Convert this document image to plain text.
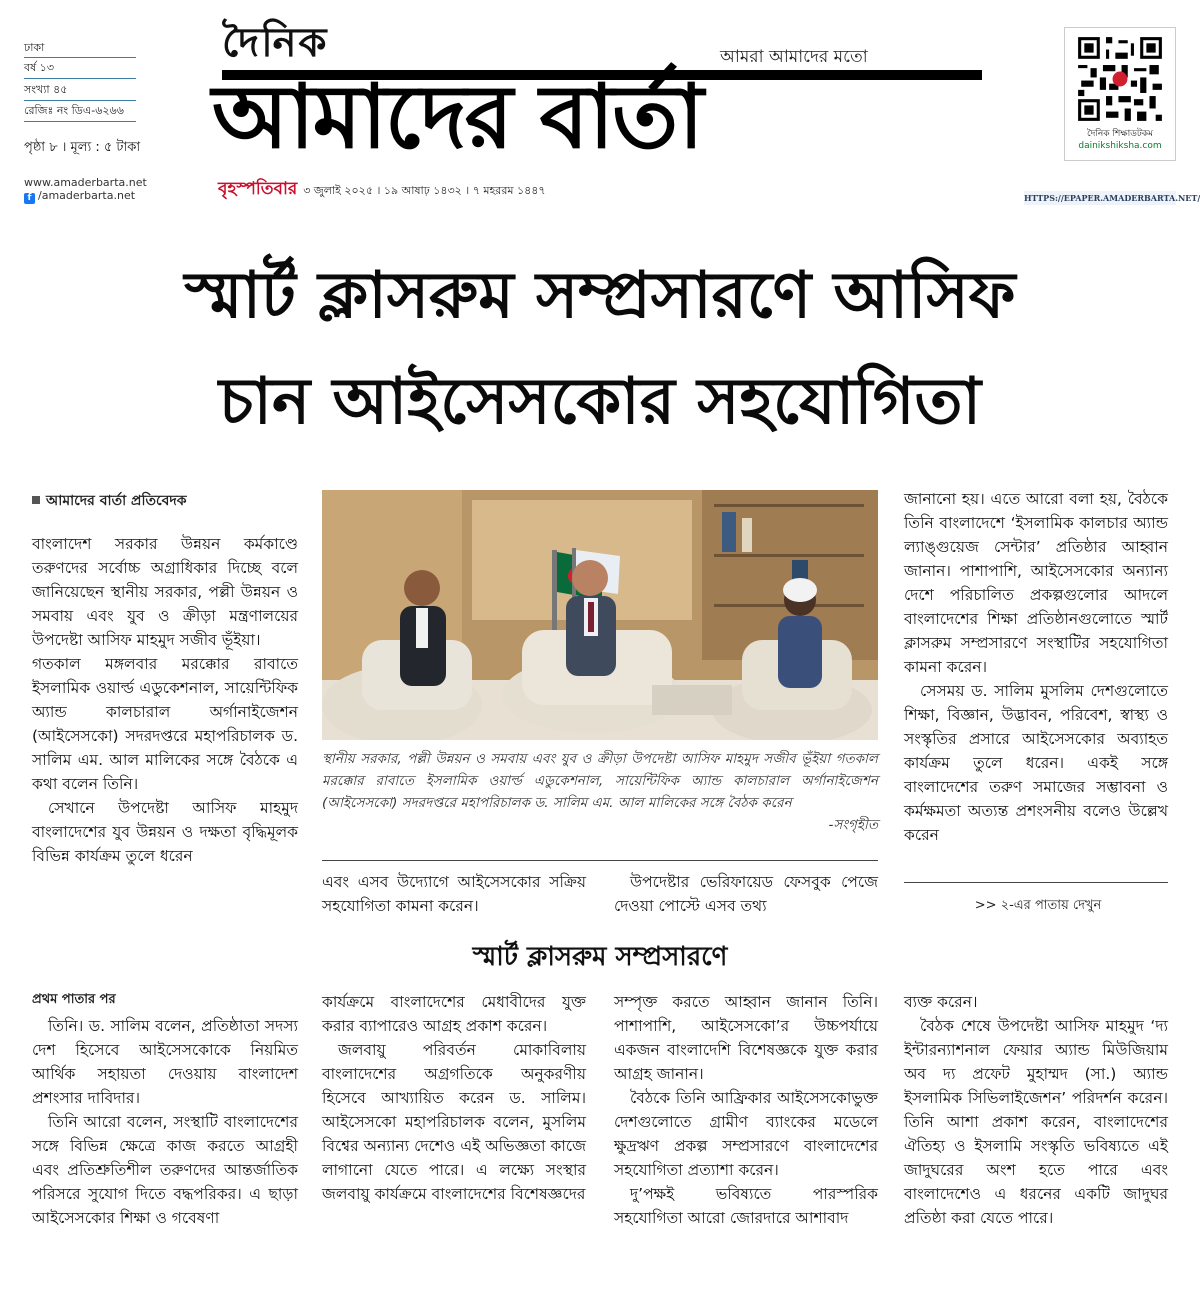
ঢাকা
বর্ষ ১৩
সংখ্যা ৪৫
রেজিঃ নং ডিএ-৬২৬৬
পৃষ্ঠা ৮ । মূল্য : ৫ টাকা
www.amaderbarta.net
f /amaderbarta.net
দৈনিক
আমাদের বার্তা
আমরা আমাদের মতো
বৃহস্পতিবার ৩ জুলাই ২০২৫ । ১৯ আষাঢ় ১৪৩২ । ৭ মহররম ১৪৪৭
দৈনিক শিক্ষাডটকম
dainikshiksha.com
HTTPS://EPAPER.AMADERBARTA.NET/
স্মার্ট ক্লাসরুম সম্প্রসারণে আসিফ
চান আইসেসকোর সহযোগিতা
আমাদের বার্তা প্রতিবেদক

বাংলাদেশ সরকার উন্নয়ন কর্মকাণ্ডে তরুণদের সর্বোচ্চ অগ্রাধিকার দিচ্ছে বলে জানিয়েছেন স্থানীয় সরকার, পল্লী উন্নয়ন ও সমবায় এবং যুব ও ক্রীড়া মন্ত্রণালয়ের উপদেষ্টা আসিফ মাহমুদ সজীব ভূঁইয়া।

গতকাল মঙ্গলবার মরক্কোর রাবাতে ইসলামিক ওয়ার্ল্ড এডুকেশনাল, সায়েন্টিফিক অ্যান্ড কালচারাল অর্গানাইজেশন (আইসেসকো) সদরদপ্তরে মহাপরিচালক ড. সালিম এম. আল মালিকের সঙ্গে বৈঠকে এ কথা বলেন তিনি।

সেখানে উপদেষ্টা আসিফ মাহমুদ বাংলাদেশের যুব উন্নয়ন ও দক্ষতা বৃদ্ধিমূলক বিভিন্ন কার্যক্রম তুলে ধরেন

স্থানীয় সরকার, পল্লী উন্নয়ন ও সমবায় এবং যুব ও ক্রীড়া উপদেষ্টা আসিফ মাহমুদ সজীব ভূঁইয়া গতকাল মরক্কোর রাবাতে ইসলামিক ওয়ার্ল্ড এডুকেশনাল, সায়েন্টিফিক অ্যান্ড কালচারাল অর্গানাইজেশন (আইসেসকো) সদরদপ্তরে মহাপরিচালক ড. সালিম এম. আল মালিকের সঙ্গে বৈঠক করেন
-সংগৃহীত

এবং এসব উদ্যোগে আইসেসকোর সক্রিয় সহযোগিতা কামনা করেন।

উপদেষ্টার ভেরিফায়েড ফেসবুক পেজে দেওয়া পোস্টে এসব তথ্য

জানানো হয়। এতে আরো বলা হয়, বৈঠকে তিনি বাংলাদেশে ‘ইসলামিক কালচার অ্যান্ড ল্যাঙ্গুয়েজ সেন্টার’ প্রতিষ্ঠার আহ্বান জানান। পাশাপাশি, আইসেসকোর অন্যান্য দেশে পরিচালিত প্রকল্পগুলোর আদলে বাংলাদেশের শিক্ষা প্রতিষ্ঠানগুলোতে স্মার্ট ক্লাসরুম সম্প্রসারণে সংস্থাটির সহযোগিতা কামনা করেন।

সেসময় ড. সালিম মুসলিম দেশগুলোতে শিক্ষা, বিজ্ঞান, উদ্ভাবন, পরিবেশ, স্বাস্থ্য ও সংস্কৃতির প্রসারে আইসেসকোর অব্যাহত কার্যক্রম তুলে ধরেন। একই সঙ্গে বাংলাদেশের তরুণ সমাজের সম্ভাবনা ও কর্মক্ষমতা অত্যন্ত প্রশংসনীয় বলেও উল্লেখ করেন

>> ২-এর পাতায় দেখুন
স্মার্ট ক্লাসরুম সম্প্রসারণে
প্রথম পাতার পর

তিনি। ড. সালিম বলেন, প্রতিষ্ঠাতা সদস্য দেশ হিসেবে আইসেসকোকে নিয়মিত আর্থিক সহায়তা দেওয়ায় বাংলাদেশ প্রশংসার দাবিদার।

তিনি আরো বলেন, সংস্থাটি বাংলাদেশের সঙ্গে বিভিন্ন ক্ষেত্রে কাজ করতে আগ্রহী এবং প্রতিশ্রুতিশীল তরুণদের আন্তর্জাতিক পরিসরে সুযোগ দিতে বদ্ধপরিকর। এ ছাড়া আইসেসকোর শিক্ষা ও গবেষণা

কার্যক্রমে বাংলাদেশের মেধাবীদের যুক্ত করার ব্যাপারেও আগ্রহ প্রকাশ করেন।

জলবায়ু পরিবর্তন মোকাবিলায় বাংলাদেশের অগ্রগতিকে অনুকরণীয় হিসেবে আখ্যায়িত করেন ড. সালিম। আইসেসকো মহাপরিচালক বলেন, মুসলিম বিশ্বের অন্যান্য দেশেও এই অভিজ্ঞতা কাজে লাগানো যেতে পারে। এ লক্ষ্যে সংস্থার জলবায়ু কার্যক্রমে বাংলাদেশের বিশেষজ্ঞদের

সম্পৃক্ত করতে আহ্বান জানান তিনি। পাশাপাশি, আইসেসকো’র উচ্চপর্যায়ে একজন বাংলাদেশি বিশেষজ্ঞকে যুক্ত করার আগ্রহ জানান।

বৈঠকে তিনি আফ্রিকার আইসেসকোভুক্ত দেশগুলোতে গ্রামীণ ব্যাংকের মডেলে ক্ষুদ্রঋণ প্রকল্প সম্প্রসারণে বাংলাদেশের সহযোগিতা প্রত্যাশা করেন।

দু’পক্ষই ভবিষ্যতে পারস্পরিক সহযোগিতা আরো জোরদারে আশাবাদ

ব্যক্ত করেন।

বৈঠক শেষে উপদেষ্টা আসিফ মাহমুদ ‘দ্য ইন্টারন্যাশনাল ফেয়ার অ্যান্ড মিউজিয়াম অব দ্য প্রফেট মুহাম্মদ (সা.) অ্যান্ড ইসলামিক সিভিলাইজেশন’ পরিদর্শন করেন। তিনি আশা প্রকাশ করেন, বাংলাদেশের ঐতিহ্য ও ইসলামি সংস্কৃতি ভবিষ্যতে এই জাদুঘরের অংশ হতে পারে এবং বাংলাদেশেও এ ধরনের একটি জাদুঘর প্রতিষ্ঠা করা যেতে পারে।
